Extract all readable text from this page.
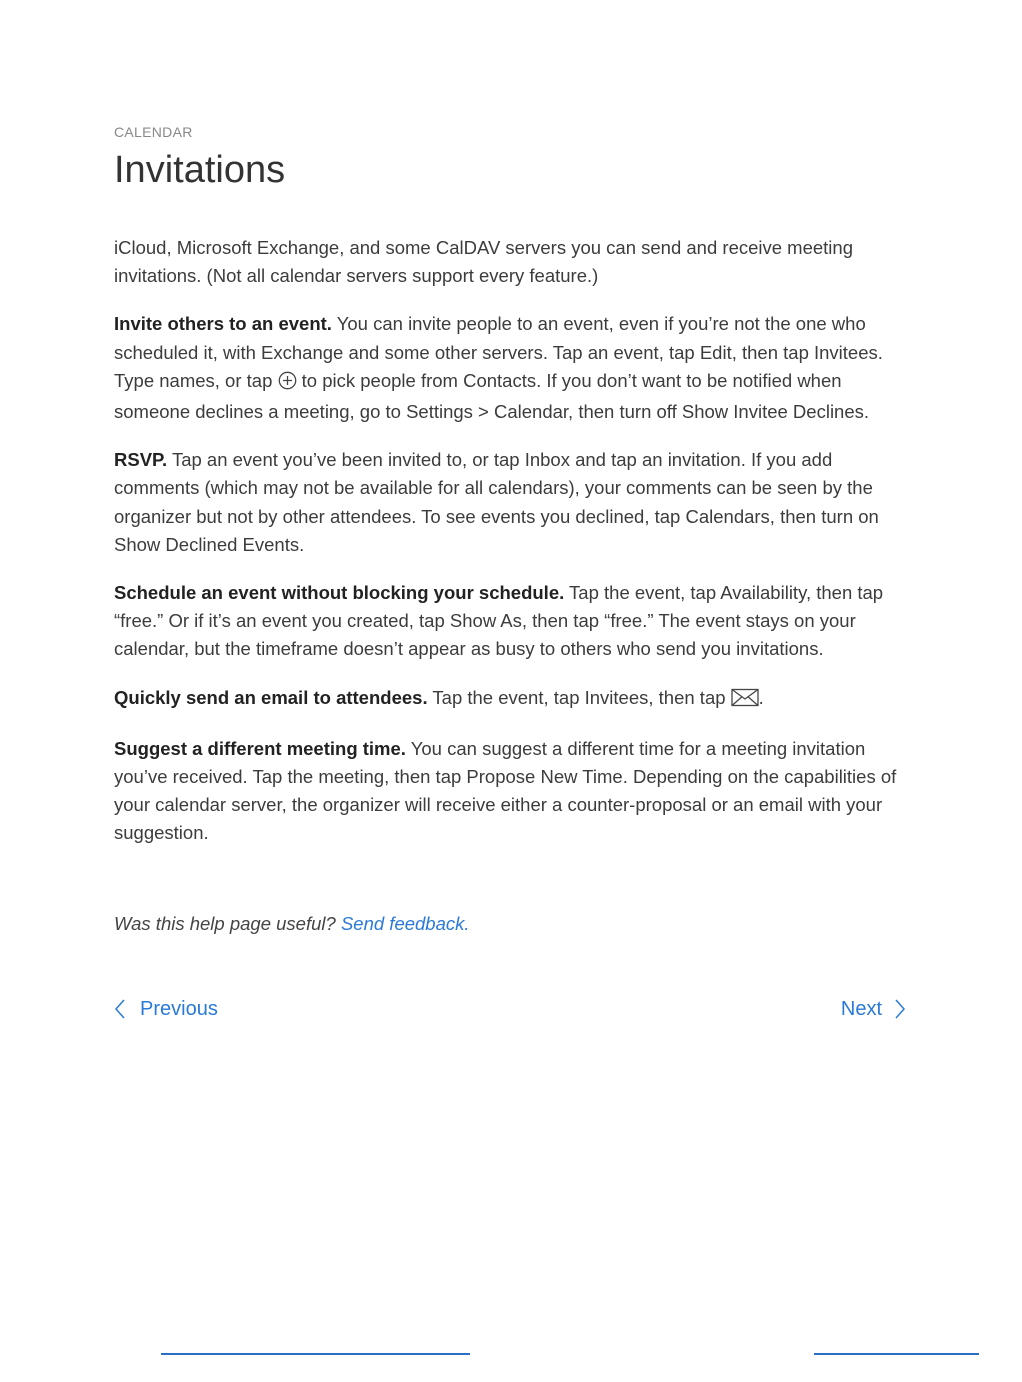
CALENDAR

Invitations

iCloud, Microsoft Exchange, and some CalDAV servers you can send and receive meeting invitations. (Not all calendar servers support every feature.)

Invite others to an event. You can invite people to an event, even if you’re not the one who scheduled it, with Exchange and some other servers. Tap an event, tap Edit, then tap Invitees. Type names, or tap  to pick people from Contacts. If you don’t want to be notified when someone declines a meeting, go to Settings > Calendar, then turn off Show Invitee Declines.

RSVP. Tap an event you’ve been invited to, or tap Inbox and tap an invitation. If you add comments (which may not be available for all calendars), your comments can be seen by the organizer but not by other attendees. To see events you declined, tap Calendars, then turn on Show Declined Events.

Schedule an event without blocking your schedule. Tap the event, tap Availability, then tap “free.” Or if it’s an event you created, tap Show As, then tap “free.” The event stays on your calendar, but the timeframe doesn’t appear as busy to others who send you invitations.

Quickly send an email to attendees. Tap the event, tap Invitees, then tap .

Suggest a different meeting time. You can suggest a different time for a meeting invitation you’ve received. Tap the meeting, then tap Propose New Time. Depending on the capabilities of your calendar server, the organizer will receive either a counter-proposal or an email with your suggestion.

Was this help page useful? Send feedback.
Previous	Next
